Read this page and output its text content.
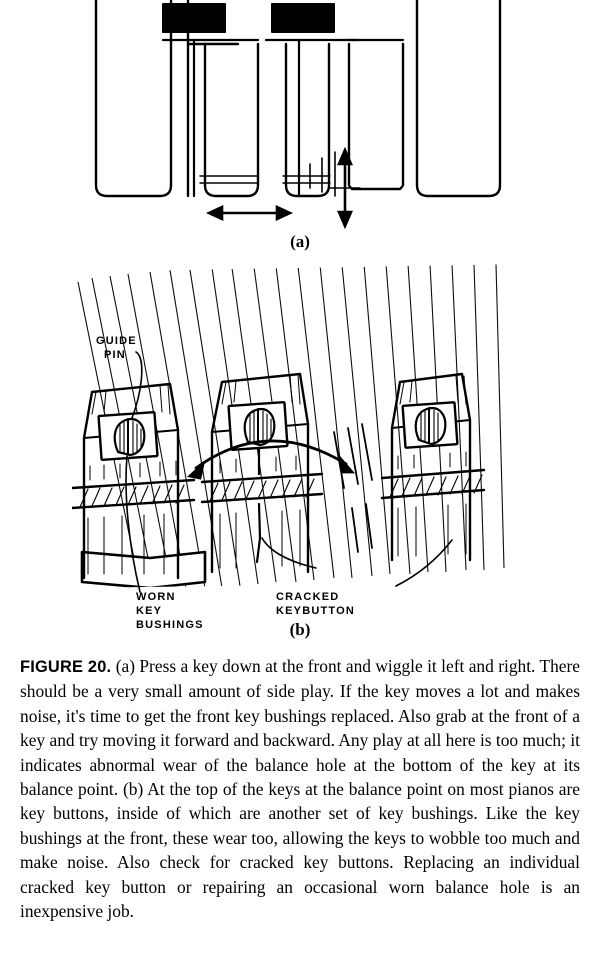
(a)
GUIDE
PIN
WORN
KEY
BUSHINGS
CRACKED
KEYBUTTON
(b)
FIGURE 20. (a) Press a key down at the front and wiggle it left and right. There should be a very small amount of side play. If the key moves a lot and makes noise, it's time to get the front key bushings replaced. Also grab at the front of a key and try moving it forward and backward. Any play at all here is too much; it indicates abnormal wear of the balance hole at the bottom of the key at its balance point. (b) At the top of the keys at the balance point on most pianos are key buttons, inside of which are another set of key bushings. Like the key bushings at the front, these wear too, allowing the keys to wobble too much and make noise. Also check for cracked key buttons. Replacing an individual cracked key button or repairing an occasional worn balance hole is an inexpensive job.
